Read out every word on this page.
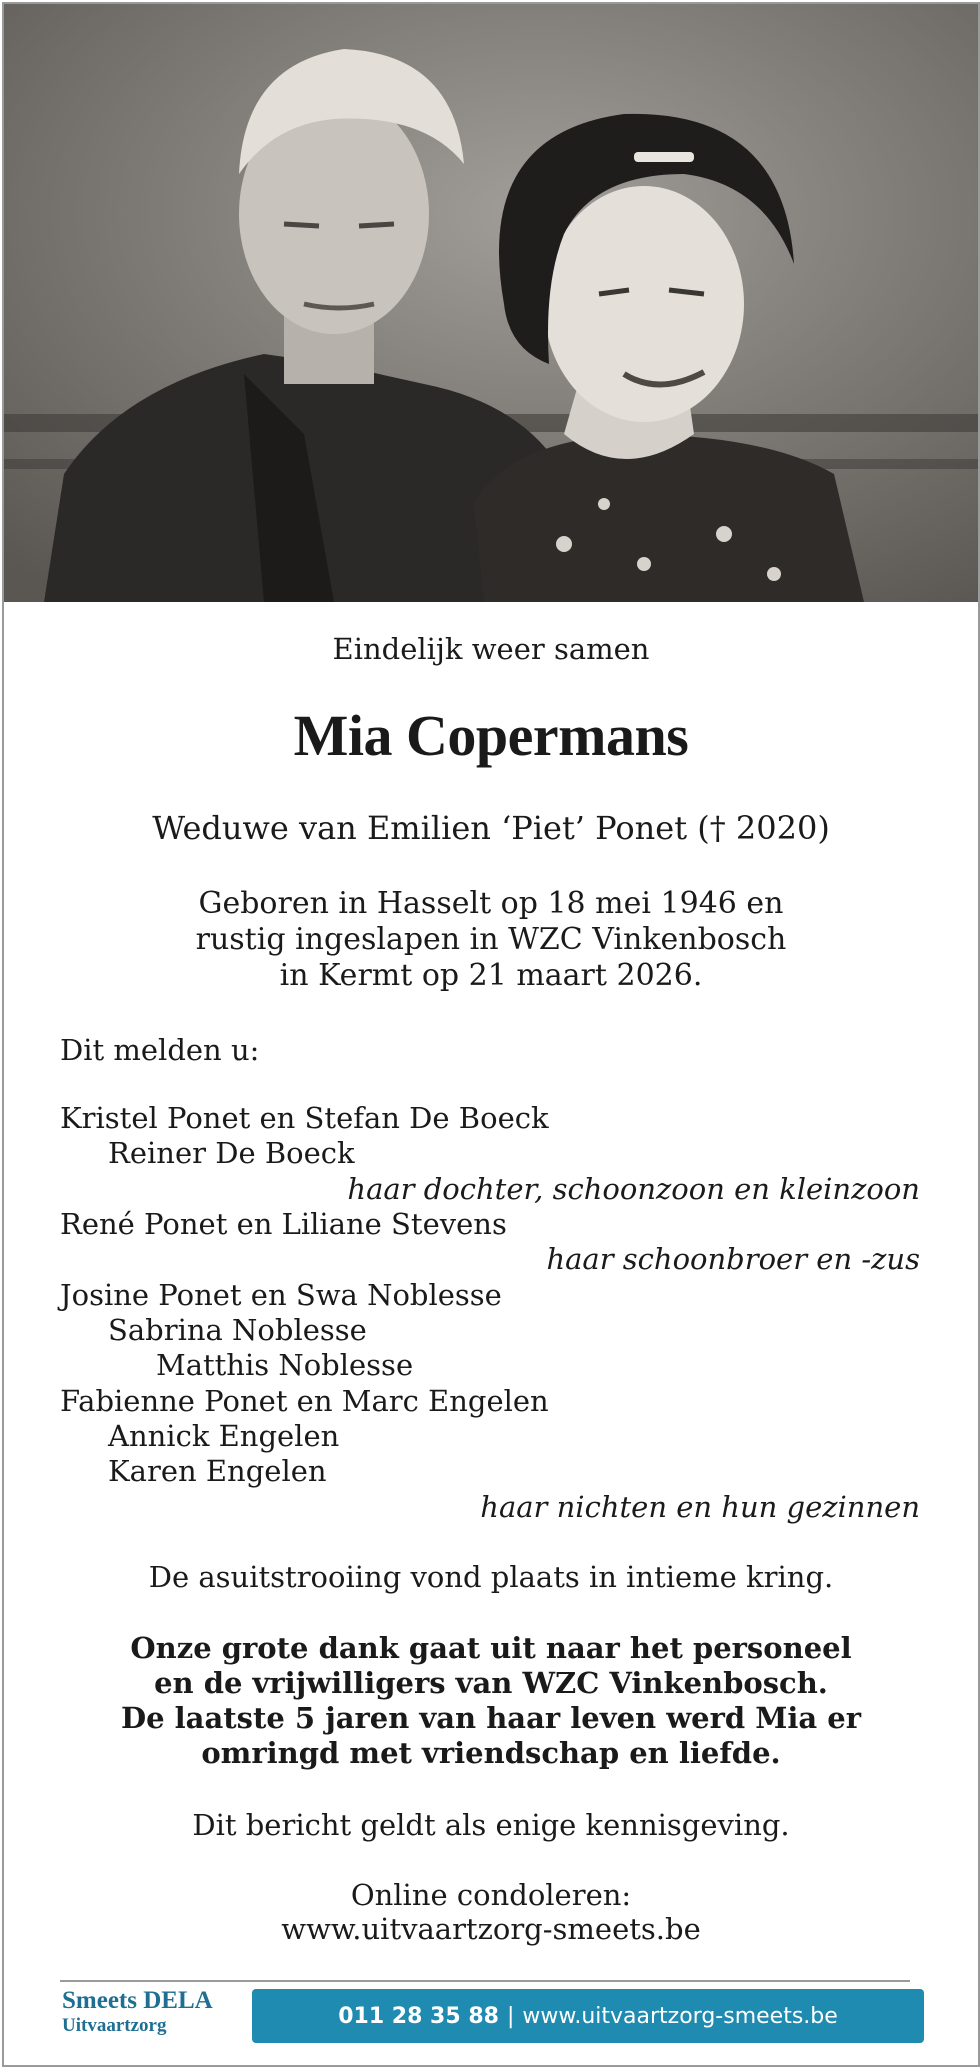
Eindelijk weer samen
Mia Copermans
Weduwe van Emilien ‘Piet’ Ponet († 2020)
Geboren in Hasselt op 18 mei 1946 en
rustig ingeslapen in WZC Vinkenbosch
in Kermt op 21 maart 2026.
Dit melden u:
Kristel Ponet en Stefan De Boeck
Reiner De Boeck
haar dochter, schoonzoon en kleinzoon
René Ponet en Liliane Stevens
haar schoonbroer en -zus
Josine Ponet en Swa Noblesse
Sabrina Noblesse
Matthis Noblesse
Fabienne Ponet en Marc Engelen
Annick Engelen
Karen Engelen
haar nichten en hun gezinnen
De asuitstrooiing vond plaats in intieme kring.
Onze grote dank gaat uit naar het personeel
en de vrijwilligers van WZC Vinkenbosch.
De laatste 5 jaren van haar leven werd Mia er
omringd met vriendschap en liefde.
Dit bericht geldt als enige kennisgeving.
Online condoleren:
www.uitvaartzorg-smeets.be
Smeets DELA
Uitvaartzorg	011 28 35 88 | www.uitvaartzorg-smeets.be
